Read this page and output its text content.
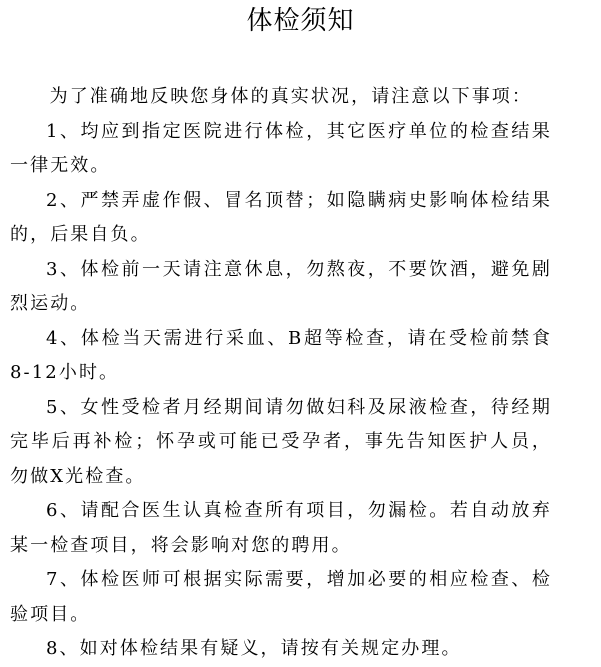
体检须知

为了准确地反映您身体的真实状况，请注意以下事项：

1、均应到指定医院进行体检，其它医疗单位的检查结果一律无效。

2、严禁弄虚作假、冒名顶替；如隐瞒病史影响体检结果的，后果自负。

3、体检前一天请注意休息，勿熬夜，不要饮酒，避免剧烈运动。

4、体检当天需进行采血、B超等检查，请在受检前禁食8-12小时。

5、女性受检者月经期间请勿做妇科及尿液检查，待经期完毕后再补检；怀孕或可能已受孕者，事先告知医护人员，勿做X光检查。

6、请配合医生认真检查所有项目，勿漏检。若自动放弃某一检查项目，将会影响对您的聘用。

7、体检医师可根据实际需要，增加必要的相应检查、检验项目。

8、如对体检结果有疑义，请按有关规定办理。
